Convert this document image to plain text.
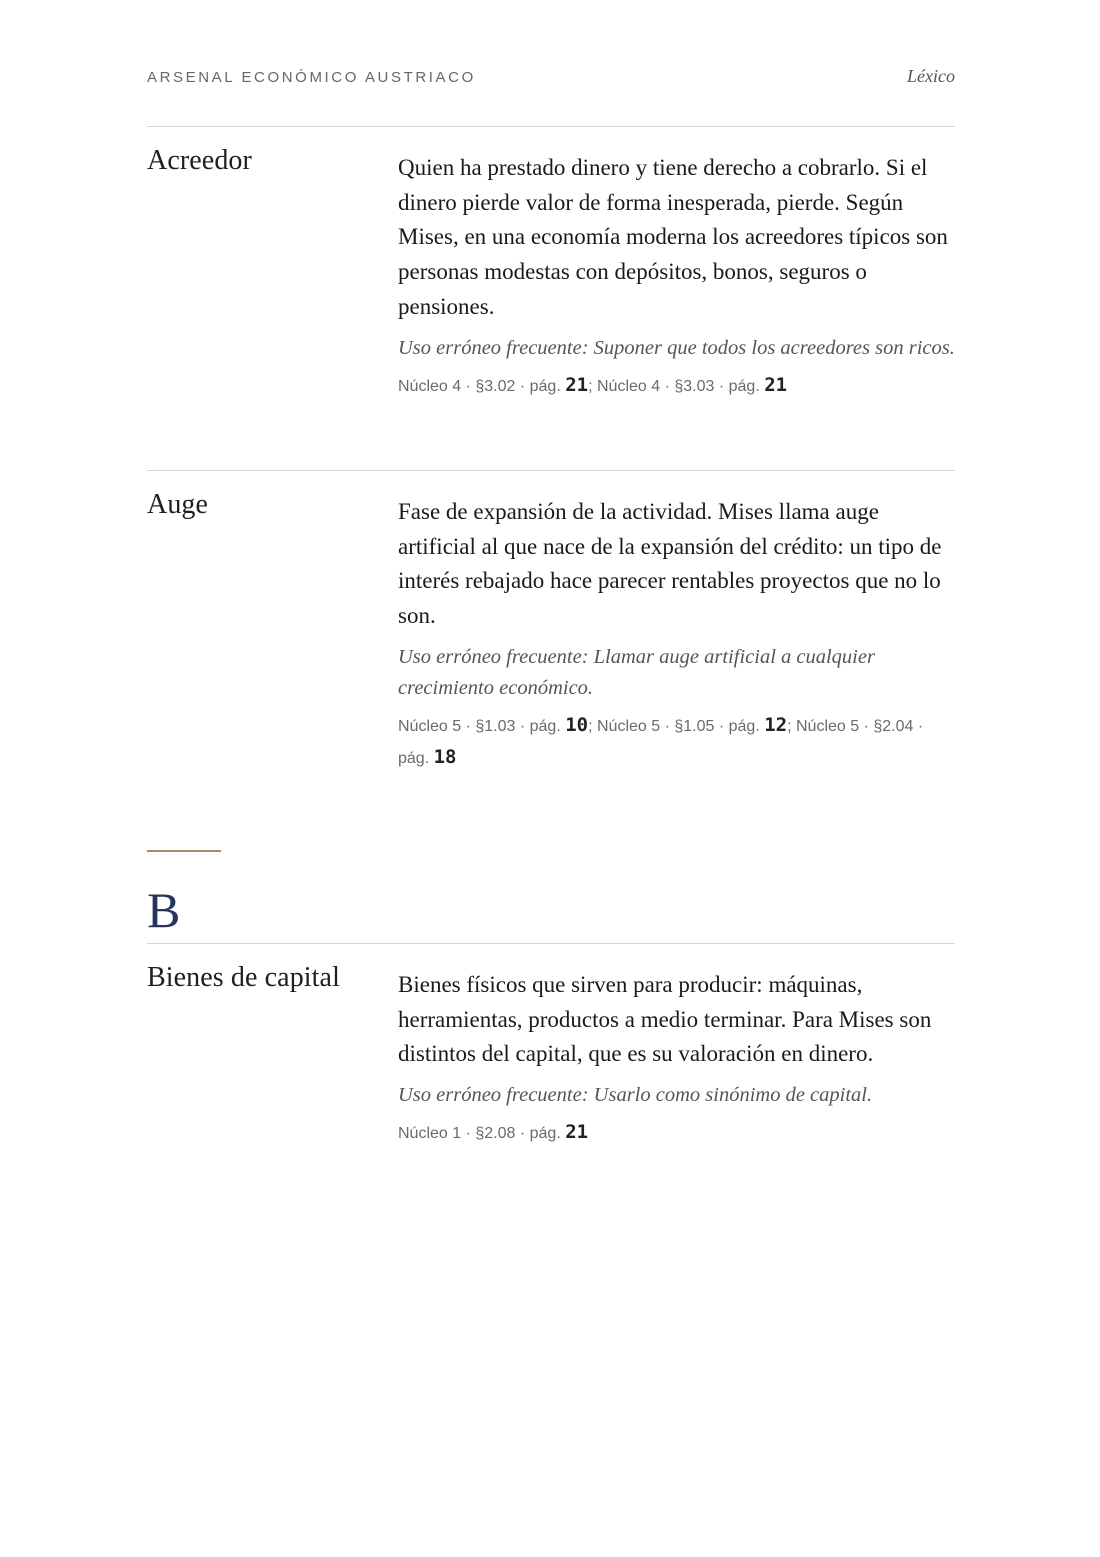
ARSENAL ECONÓMICO AUSTRIACO	Léxico
Acreedor	Quien ha prestado dinero y tiene derecho a cobrarlo. Si el dinero pierde valor de forma inesperada, pierde. Según Mises, en una economía moderna los acreedores típicos son personas modestas con depósitos, bonos, seguros o pensiones.

Uso erróneo frecuente: Suponer que todos los acreedores son ricos.

Núcleo 4 · §3.02 · pág. 21; Núcleo 4 · §3.03 · pág. 21

Auge	Fase de expansión de la actividad. Mises llama auge artificial al que nace de la expansión del crédito: un tipo de interés rebajado hace parecer rentables proyectos que no lo son.

Uso erróneo frecuente: Llamar auge artificial a cualquier crecimiento económico.

Núcleo 5 · §1.03 · pág. 10; Núcleo 5 · §1.05 · pág. 12; Núcleo 5 · §2.04 · pág. 18

B
Bienes de capital	Bienes físicos que sirven para producir: máquinas, herramientas, productos a medio terminar. Para Mises son distintos del capital, que es su valoración en dinero.

Uso erróneo frecuente: Usarlo como sinónimo de capital.

Núcleo 1 · §2.08 · pág. 21
